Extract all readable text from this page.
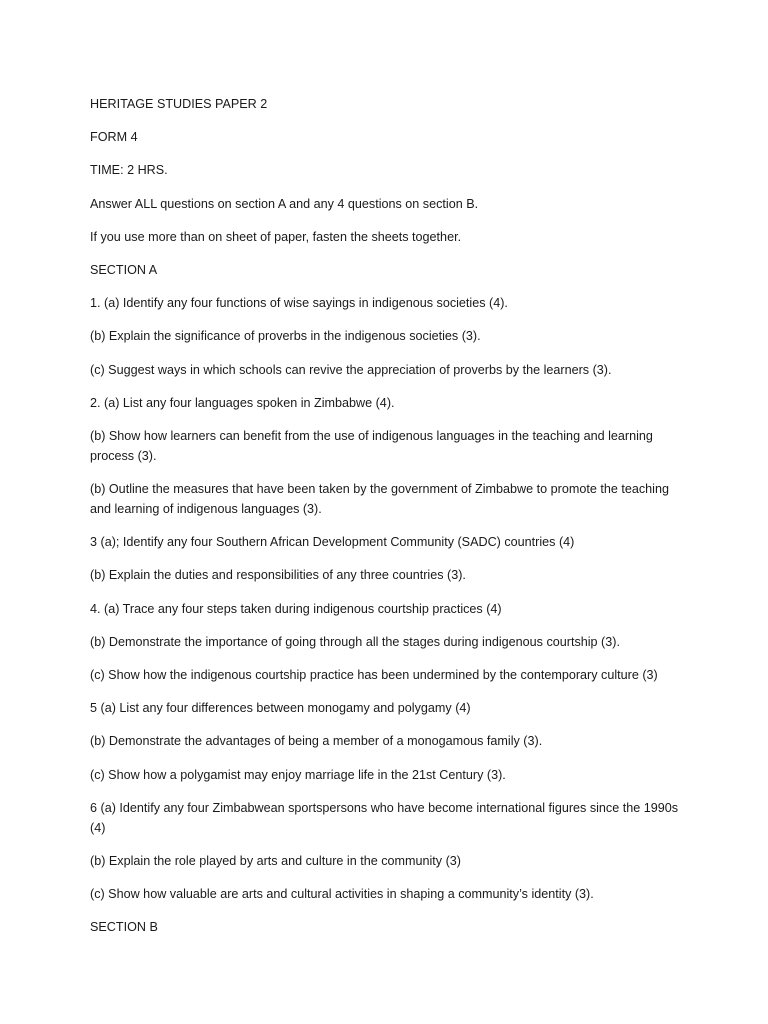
HERITAGE STUDIES PAPER 2

FORM 4

TIME: 2 HRS.

Answer ALL questions on section A and any 4 questions on section B.

If you use more than on sheet of paper, fasten the sheets together.

SECTION A

1. (a) Identify any four functions of wise sayings in indigenous societies (4).

(b) Explain the significance of proverbs in the indigenous societies (3).

(c) Suggest ways in which schools can revive the appreciation of proverbs by the learners (3).

2. (a) List any four languages spoken in Zimbabwe (4).

(b) Show how learners can benefit from the use of indigenous languages in the teaching and learning process (3).

(b) Outline the measures that have been taken by the government of Zimbabwe to promote the teaching and learning of indigenous languages (3).

3 (a); Identify any four Southern African Development Community (SADC) countries (4)

(b) Explain the duties and responsibilities of any three countries (3).

4. (a) Trace any four steps taken during indigenous courtship practices (4)

(b) Demonstrate the importance of going through all the stages during indigenous courtship (3).

(c) Show how the indigenous courtship practice has been undermined by the contemporary culture (3)

5 (a) List any four differences between monogamy and polygamy (4)

(b) Demonstrate the advantages of being a member of a monogamous family (3).

(c) Show how a polygamist may enjoy marriage life in the 21st Century (3).

6 (a) Identify any four Zimbabwean sportspersons who have become international figures since the 1990s (4)

(b) Explain the role played by arts and culture in the community (3)

(c) Show how valuable are arts and cultural activities in shaping a community’s identity (3).

SECTION B
